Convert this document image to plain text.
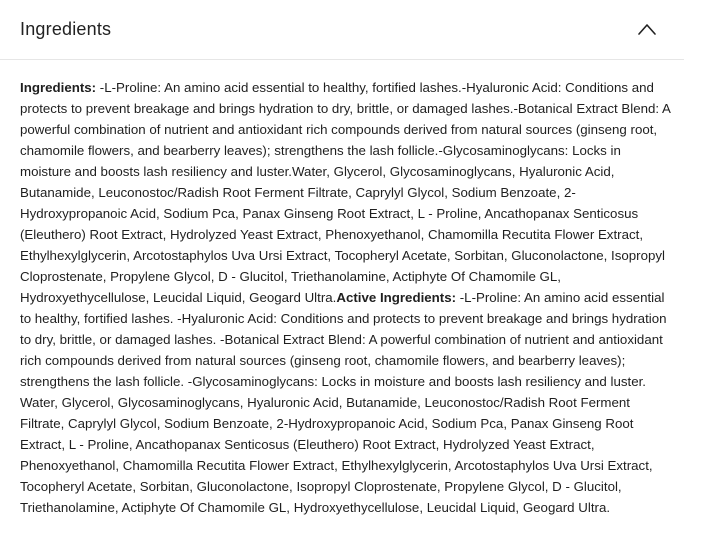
Ingredients

Ingredients: -L-Proline: An amino acid essential to healthy, fortified lashes.-Hyaluronic Acid: Conditions and protects to prevent breakage and brings hydration to dry, brittle, or damaged lashes.-Botanical Extract Blend: A powerful combination of nutrient and antioxidant rich compounds derived from natural sources (ginseng root, chamomile flowers, and bearberry leaves); strengthens the lash follicle.-Glycosaminoglycans: Locks in moisture and boosts lash resiliency and luster.Water, Glycerol, Glycosaminoglycans, Hyaluronic Acid, Butanamide, Leuconostoc/Radish Root Ferment Filtrate, Caprylyl Glycol, Sodium Benzoate, 2-Hydroxypropanoic Acid, Sodium Pca, Panax Ginseng Root Extract, L - Proline, Ancathopanax Senticosus (Eleuthero) Root Extract, Hydrolyzed Yeast Extract, Phenoxyethanol, Chamomilla Recutita Flower Extract, Ethylhexylglycerin, Arcotostaphylos Uva Ursi Extract, Tocopheryl Acetate, Sorbitan, Gluconolactone, Isopropyl Cloprostenate, Propylene Glycol, D - Glucitol, Triethanolamine, Actiphyte Of Chamomile GL, Hydroxyethycellulose, Leucidal Liquid, Geogard Ultra.Active Ingredients: -L-Proline: An amino acid essential to healthy, fortified lashes. -Hyaluronic Acid: Conditions and protects to prevent breakage and brings hydration to dry, brittle, or damaged lashes. -Botanical Extract Blend: A powerful combination of nutrient and antioxidant rich compounds derived from natural sources (ginseng root, chamomile flowers, and bearberry leaves); strengthens the lash follicle. -Glycosaminoglycans: Locks in moisture and boosts lash resiliency and luster. Water, Glycerol, Glycosaminoglycans, Hyaluronic Acid, Butanamide, Leuconostoc/Radish Root Ferment Filtrate, Caprylyl Glycol, Sodium Benzoate, 2-Hydroxypropanoic Acid, Sodium Pca, Panax Ginseng Root Extract, L - Proline, Ancathopanax Senticosus (Eleuthero) Root Extract, Hydrolyzed Yeast Extract, Phenoxyethanol, Chamomilla Recutita Flower Extract, Ethylhexylglycerin, Arcotostaphylos Uva Ursi Extract, Tocopheryl Acetate, Sorbitan, Gluconolactone, Isopropyl Cloprostenate, Propylene Glycol, D - Glucitol, Triethanolamine, Actiphyte Of Chamomile GL, Hydroxyethycellulose, Leucidal Liquid, Geogard Ultra.
